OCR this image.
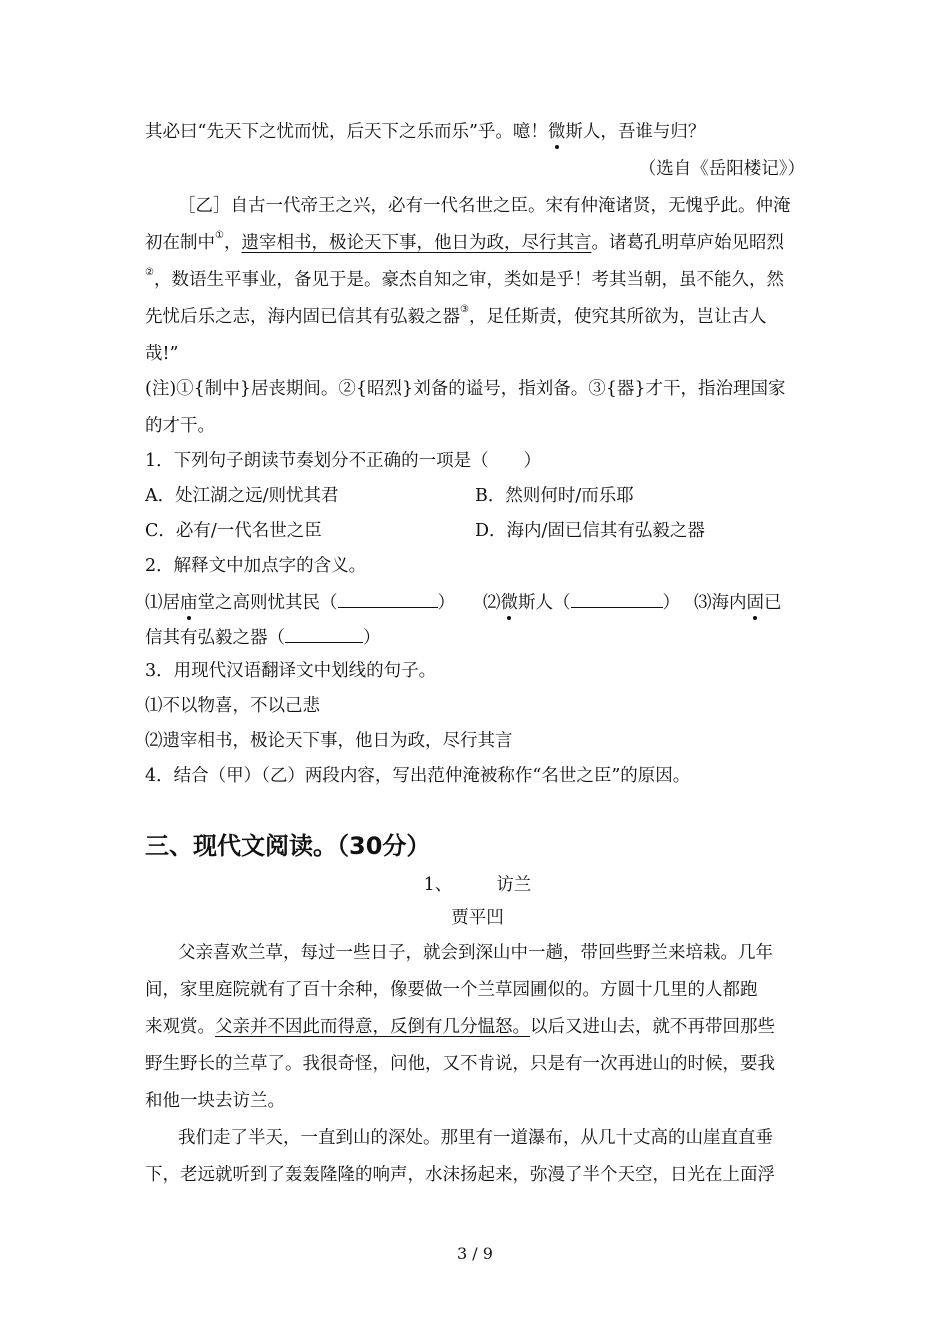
其必曰“先天下之忧而忧，后天下之乐而乐”乎。噫！微斯人，吾谁与归？
（选自《岳阳楼记》）
［乙］自古一代帝王之兴，必有一代名世之臣。宋有仲淹诸贤，无愧乎此。仲淹
初在制中①，遗宰相书，极论天下事，他日为政，尽行其言。诸葛孔明草庐始见昭烈
②，数语生平事业，备见于是。豪杰自知之审，类如是乎！考其当朝，虽不能久，然
先忧后乐之志，海内固已信其有弘毅之器③，足任斯责，使究其所欲为，岂让古人
哉!”
(注)①{制中}居丧期间。②{昭烈}刘备的谥号，指刘备。③{器}才干，指治理国家
的才干。
1．下列句子朗读节奏划分不正确的一项是（　　）
A．处江湖之远/则忧其君	B．然则何时/而乐耶
C．必有/一代名世之臣	D．海内/固已信其有弘毅之器
2．解释文中加点字的含义。
⑴居庙堂之高则忧其民（	） ⑵微斯人（	） ⑶海内固已
信其有弘毅之器（	）
3．用现代汉语翻译文中划线的句子。
⑴不以物喜，不以己悲
⑵遗宰相书，极论天下事，他日为政，尽行其言
4．结合（甲）（乙）两段内容，写出范仲淹被称作“名世之臣”的原因。
三、现代文阅读。（30分）
1、	访兰
贾平凹
父亲喜欢兰草，每过一些日子，就会到深山中一趟，带回些野兰来培栽。几年
间，家里庭院就有了百十余种，像要做一个兰草园圃似的。方圆十几里的人都跑
来观赏。父亲并不因此而得意，反倒有几分愠怒。以后又进山去，就不再带回那些
野生野长的兰草了。我很奇怪，问他，又不肯说，只是有一次再进山的时候，要我
和他一块去访兰。
我们走了半天，一直到山的深处。那里有一道瀑布，从几十丈高的山崖直直垂
下，老远就听到了轰轰隆隆的响声，水沫扬起来，弥漫了半个天空，日光在上面浮
3 / 9
